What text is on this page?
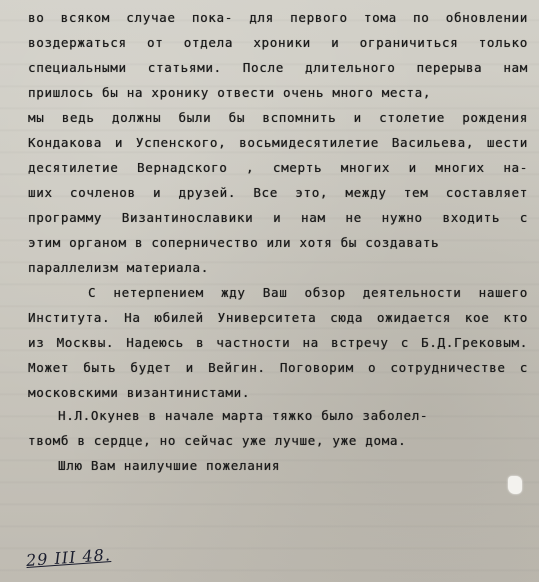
во всяком случае пока- для первого тома по обновлении

воздержаться от отдела хроники и ограничиться только

специальными статьями. После длительного перерыва нам

пришлось бы на хронику отвести очень много места,

мы ведь должны были бы вспомнить и столетие рождения

Кондакова и Успенского, восьмидесятилетие Васильева, шести

десятилетие Вернадского , смерть многих и многих на-

ших сочленов и друзей. Все это, между тем составляет

программу Византинославики и нам не нужно входить с

этим органом в соперничество или хотя бы создавать

параллелизм материала.

С нетерпением жду Ваш обзор деятельности нашего

Института. На юбилей Университета сюда ожидается кое кто

из Москвы. Надеюсь в частности на встречу с Б.Д.Грековым.

Может быть будет и Вейгин. Поговорим о сотрудничестве с

московскими византинистами.

Н.Л.Окунев в начале марта тяжко было заболел-

твомб в сердце, но сейчас уже лучше, уже дома.

Шлю Вам наилучшие пожелания

29 III 48.
